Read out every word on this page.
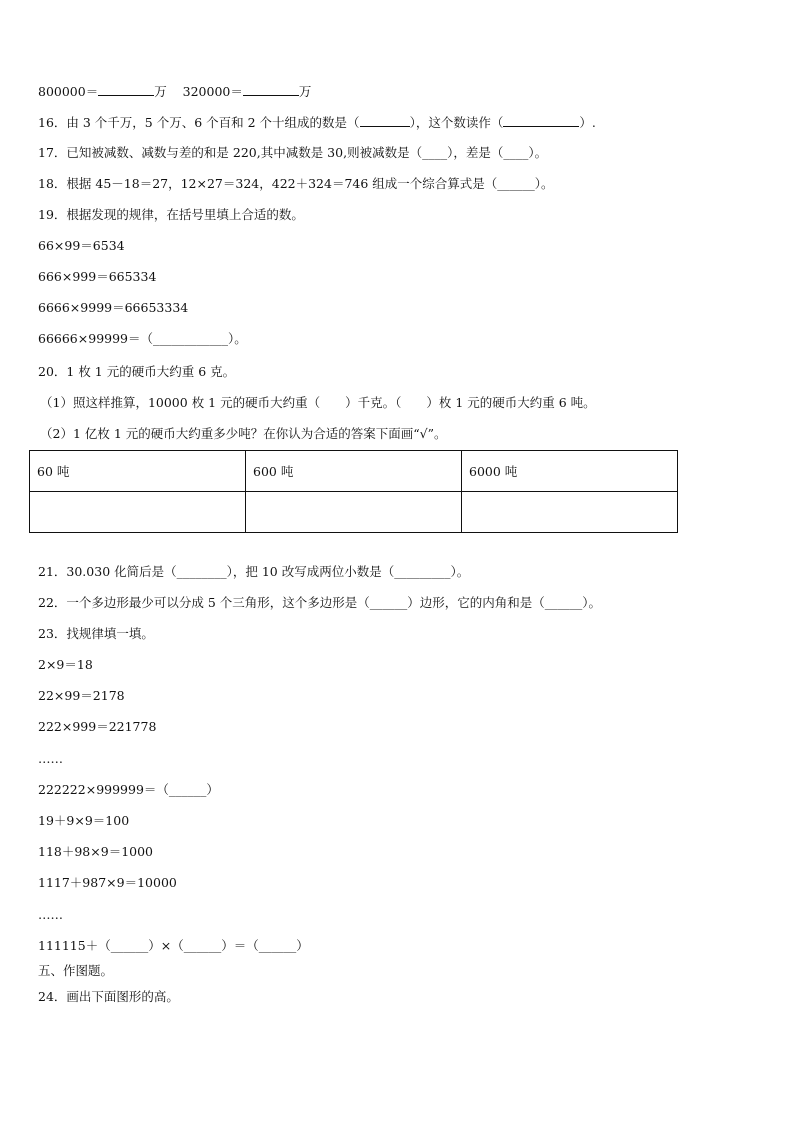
800000＝	万 320000＝	万

16．由 3 个千万，5 个万、6 个百和 2 个十组成的数是（	），这个数读作（	）.

17．已知被减数、减数与差的和是 220,其中减数是 30,则被减数是（____），差是（____）。

18．根据 45－18＝27，12×27＝324，422＋324＝746 组成一个综合算式是（______）。

19．根据发现的规律，在括号里填上合适的数。

66×99＝6534

666×999＝665334

6666×9999＝66653334

66666×99999＝（____________）。

20．1 枚 1 元的硬币大约重 6 克。

（1）照这样推算，10000 枚 1 元的硬币大约重（　　）千克。（　　）枚 1 元的硬币大约重 6 吨。

（2）1 亿枚 1 元的硬币大约重多少吨？在你认为合适的答案下面画“√”。

60 吨	600 吨	6000 吨

21．30.030 化简后是（________），把 10 改写成两位小数是（_________）。

22．一个多边形最少可以分成 5 个三角形，这个多边形是（______）边形，它的内角和是（______）。

23．找规律填一填。

2×9＝18

22×99＝2178

222×999＝221778

……

222222×999999＝（______）

19＋9×9＝100

118＋98×9＝1000

1117＋987×9＝10000

……

111115＋（______）×（______）＝（______）

五、作图题。

24．画出下面图形的高。
